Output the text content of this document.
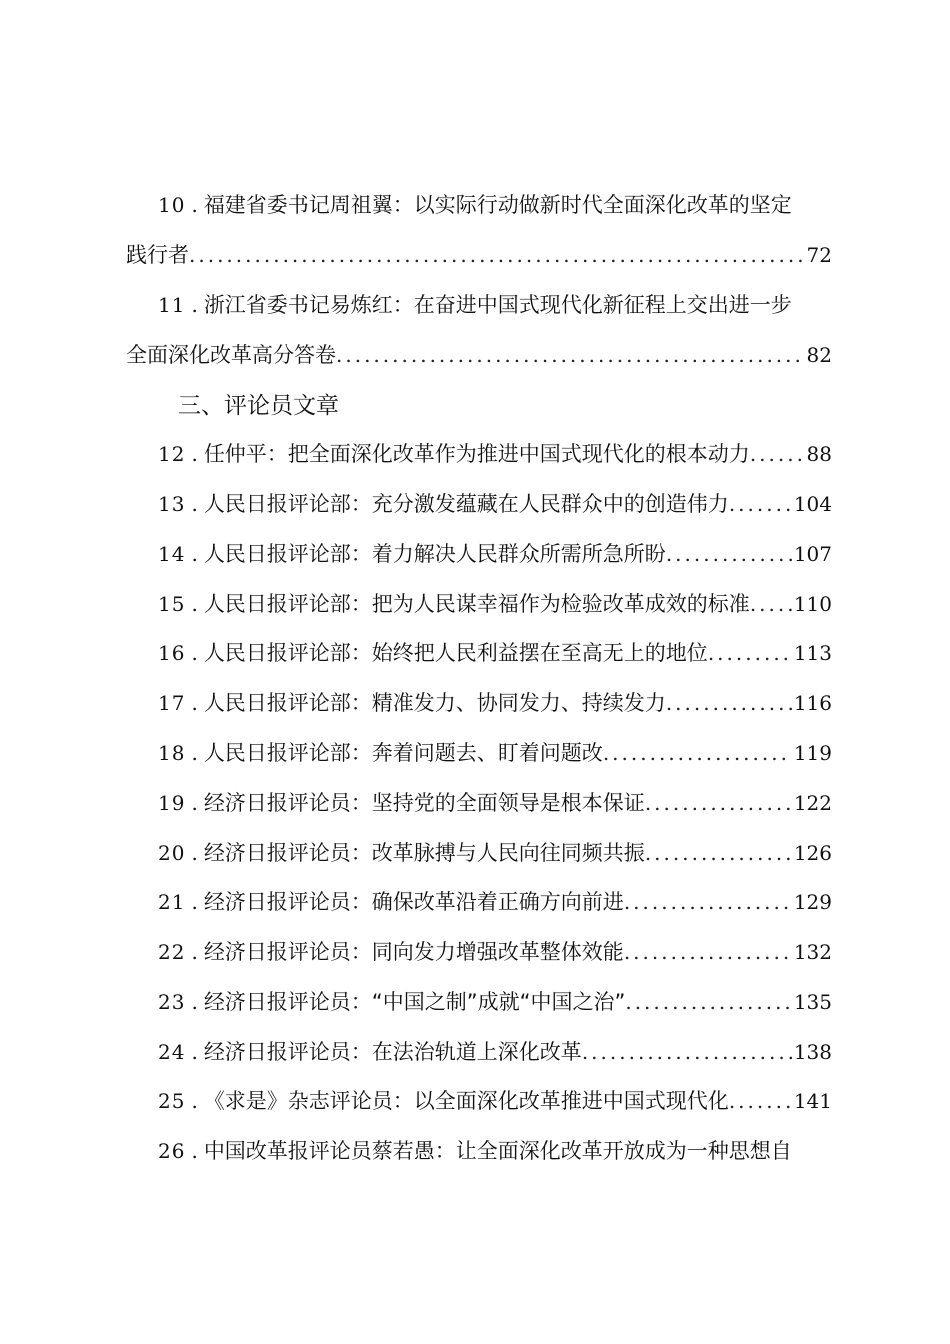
10 . 福建省委书记周祖翼：以实际行动做新时代全面深化改革的坚定
践行者 .....	72
11 . 浙江省委书记易炼红：在奋进中国式现代化新征程上交出进一步
全面深化改革高分答卷 .....	82
三、评论员文章
12 . 任仲平：把全面深化改革作为推进中国式现代化的根本动力 .....	88
13 . 人民日报评论部：充分激发蕴藏在人民群众中的创造伟力 .....	104
14 . 人民日报评论部：着力解决人民群众所需所急所盼 .....	107
15 . 人民日报评论部：把为人民谋幸福作为检验改革成效的标准 ..... 110
16 . 人民日报评论部：始终把人民利益摆在至高无上的地位 .....	113
17 . 人民日报评论部：精准发力、协同发力、持续发力 .....	116
18 . 人民日报评论部：奔着问题去、盯着问题改 .....	119
19 . 经济日报评论员：坚持党的全面领导是根本保证 .....	122
20 . 经济日报评论员：改革脉搏与人民向往同频共振 .....	126
21 . 经济日报评论员：确保改革沿着正确方向前进 .....	129
22 . 经济日报评论员：同向发力增强改革整体效能 .....	132
23 . 经济日报评论员：“中国之制”成就“中国之治” .....	135
24 . 经济日报评论员：在法治轨道上深化改革 .....	138
25 . 《求是》杂志评论员：以全面深化改革推进中国式现代化 .....	141
26 . 中国改革报评论员蔡若愚：让全面深化改革开放成为一种思想自
